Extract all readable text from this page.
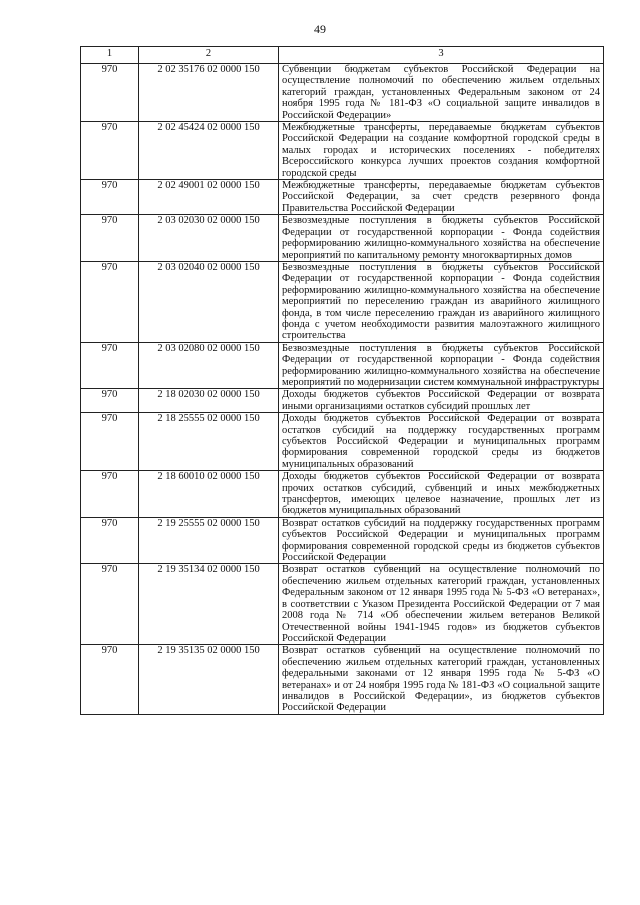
49
1	2	3
970	2 02 35176 02 0000 150	Субвенции бюджетам субъектов Российской Федерации на осуществление полномочий по обеспечению жильем отдельных категорий граждан, установленных Федеральным законом от 24 ноября 1995 года № 181-ФЗ «О социальной защите инвалидов в Российской Федерации»
970	2 02 45424 02 0000 150	Межбюджетные трансферты, передаваемые бюджетам субъектов Российской Федерации на создание комфортной городской среды в малых городах и исторических поселениях - победителях Всероссийского конкурса лучших проектов создания комфортной городской среды
970	2 02 49001 02 0000 150	Межбюджетные трансферты, передаваемые бюджетам субъектов Российской Федерации, за счет средств резервного фонда Правительства Российской Федерации
970	2 03 02030 02 0000 150	Безвозмездные поступления в бюджеты субъектов Российской Федерации от государственной корпорации - Фонда содействия реформированию жилищно-коммунального хозяйства на обеспечение мероприятий по капитальному ремонту многоквартирных домов
970	2 03 02040 02 0000 150	Безвозмездные поступления в бюджеты субъектов Российской Федерации от государственной корпорации - Фонда содействия реформированию жилищно-коммунального хозяйства на обеспечение мероприятий по переселению граждан из аварийного жилищного фонда, в том числе переселению граждан из аварийного жилищного фонда с учетом необходимости развития малоэтажного жилищного строительства
970	2 03 02080 02 0000 150	Безвозмездные поступления в бюджеты субъектов Российской Федерации от государственной корпорации - Фонда содействия реформированию жилищно-коммунального хозяйства на обеспечение мероприятий по модернизации систем коммунальной инфраструктуры
970	2 18 02030 02 0000 150	Доходы бюджетов субъектов Российской Федерации от возврата иными организациями остатков субсидий прошлых лет
970	2 18 25555 02 0000 150	Доходы бюджетов субъектов Российской Федерации от возврата остатков субсидий на поддержку государственных программ субъектов Российской Федерации и муниципальных программ формирования современной городской среды из бюджетов муниципальных образований
970	2 18 60010 02 0000 150	Доходы бюджетов субъектов Российской Федерации от возврата прочих остатков субсидий, субвенций и иных межбюджетных трансфертов, имеющих целевое назначение, прошлых лет из бюджетов муниципальных образований
970	2 19 25555 02 0000 150	Возврат остатков субсидий на поддержку государственных программ субъектов Российской Федерации и муниципальных программ формирования современной городской среды из бюджетов субъектов Российской Федерации
970	2 19 35134 02 0000 150	Возврат остатков субвенций на осуществление полномочий по обеспечению жильем отдельных категорий граждан, установленных Федеральным законом от 12 января 1995 года № 5-ФЗ «О ветеранах», в соответствии с Указом Президента Российской Федерации от 7 мая 2008 года № 714 «Об обеспечении жильем ветеранов Великой Отечественной войны 1941-1945 годов» из бюджетов субъектов Российской Федерации
970	2 19 35135 02 0000 150	Возврат остатков субвенций на осуществление полномочий по обеспечению жильем отдельных категорий граждан, установленных федеральными законами от 12 января 1995 года № 5-ФЗ «О ветеранах» и от 24 ноября 1995 года № 181-ФЗ «О социальной защите инвалидов в Российской Федерации», из бюджетов субъектов Российской Федерации
